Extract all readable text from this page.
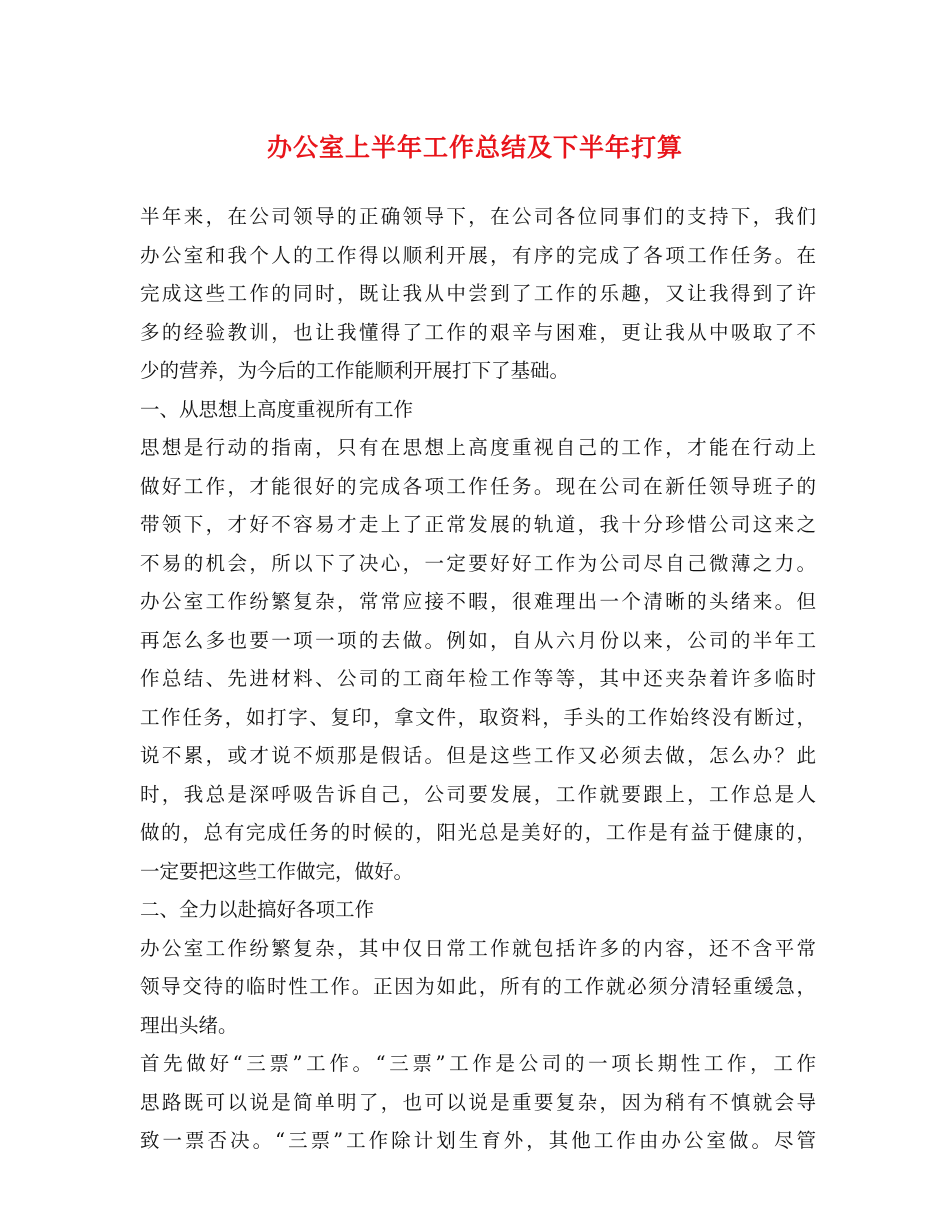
办公室上半年工作总结及下半年打算
半年来，在公司领导的正确领导下，在公司各位同事们的支持下，我们
办公室和我个人的工作得以顺利开展，有序的完成了各项工作任务。在
完成这些工作的同时，既让我从中尝到了工作的乐趣，又让我得到了许
多的经验教训，也让我懂得了工作的艰辛与困难，更让我从中吸取了不
少的营养，为今后的工作能顺利开展打下了基础。
一、从思想上高度重视所有工作
思想是行动的指南，只有在思想上高度重视自己的工作，才能在行动上
做好工作，才能很好的完成各项工作任务。现在公司在新任领导班子的
带领下，才好不容易才走上了正常发展的轨道，我十分珍惜公司这来之
不易的机会，所以下了决心，一定要好好工作为公司尽自己微薄之力。
办公室工作纷繁复杂，常常应接不暇，很难理出一个清晰的头绪来。但
再怎么多也要一项一项的去做。例如，自从六月份以来，公司的半年工
作总结、先进材料、公司的工商年检工作等等，其中还夹杂着许多临时
工作任务，如打字、复印，拿文件，取资料，手头的工作始终没有断过，
说不累，或才说不烦那是假话。但是这些工作又必须去做，怎么办？此
时，我总是深呼吸告诉自己，公司要发展，工作就要跟上，工作总是人
做的，总有完成任务的时候的，阳光总是美好的，工作是有益于健康的，
一定要把这些工作做完，做好。
二、全力以赴搞好各项工作
办公室工作纷繁复杂，其中仅日常工作就包括许多的内容，还不含平常
领导交待的临时性工作。正因为如此，所有的工作就必须分清轻重缓急，
理出头绪。
首先做好“三票”工作。“三票”工作是公司的一项长期性工作，工作
思路既可以说是简单明了，也可以说是重要复杂，因为稍有不慎就会导
致一票否决。“三票”工作除计划生育外，其他工作由办公室做。尽管
